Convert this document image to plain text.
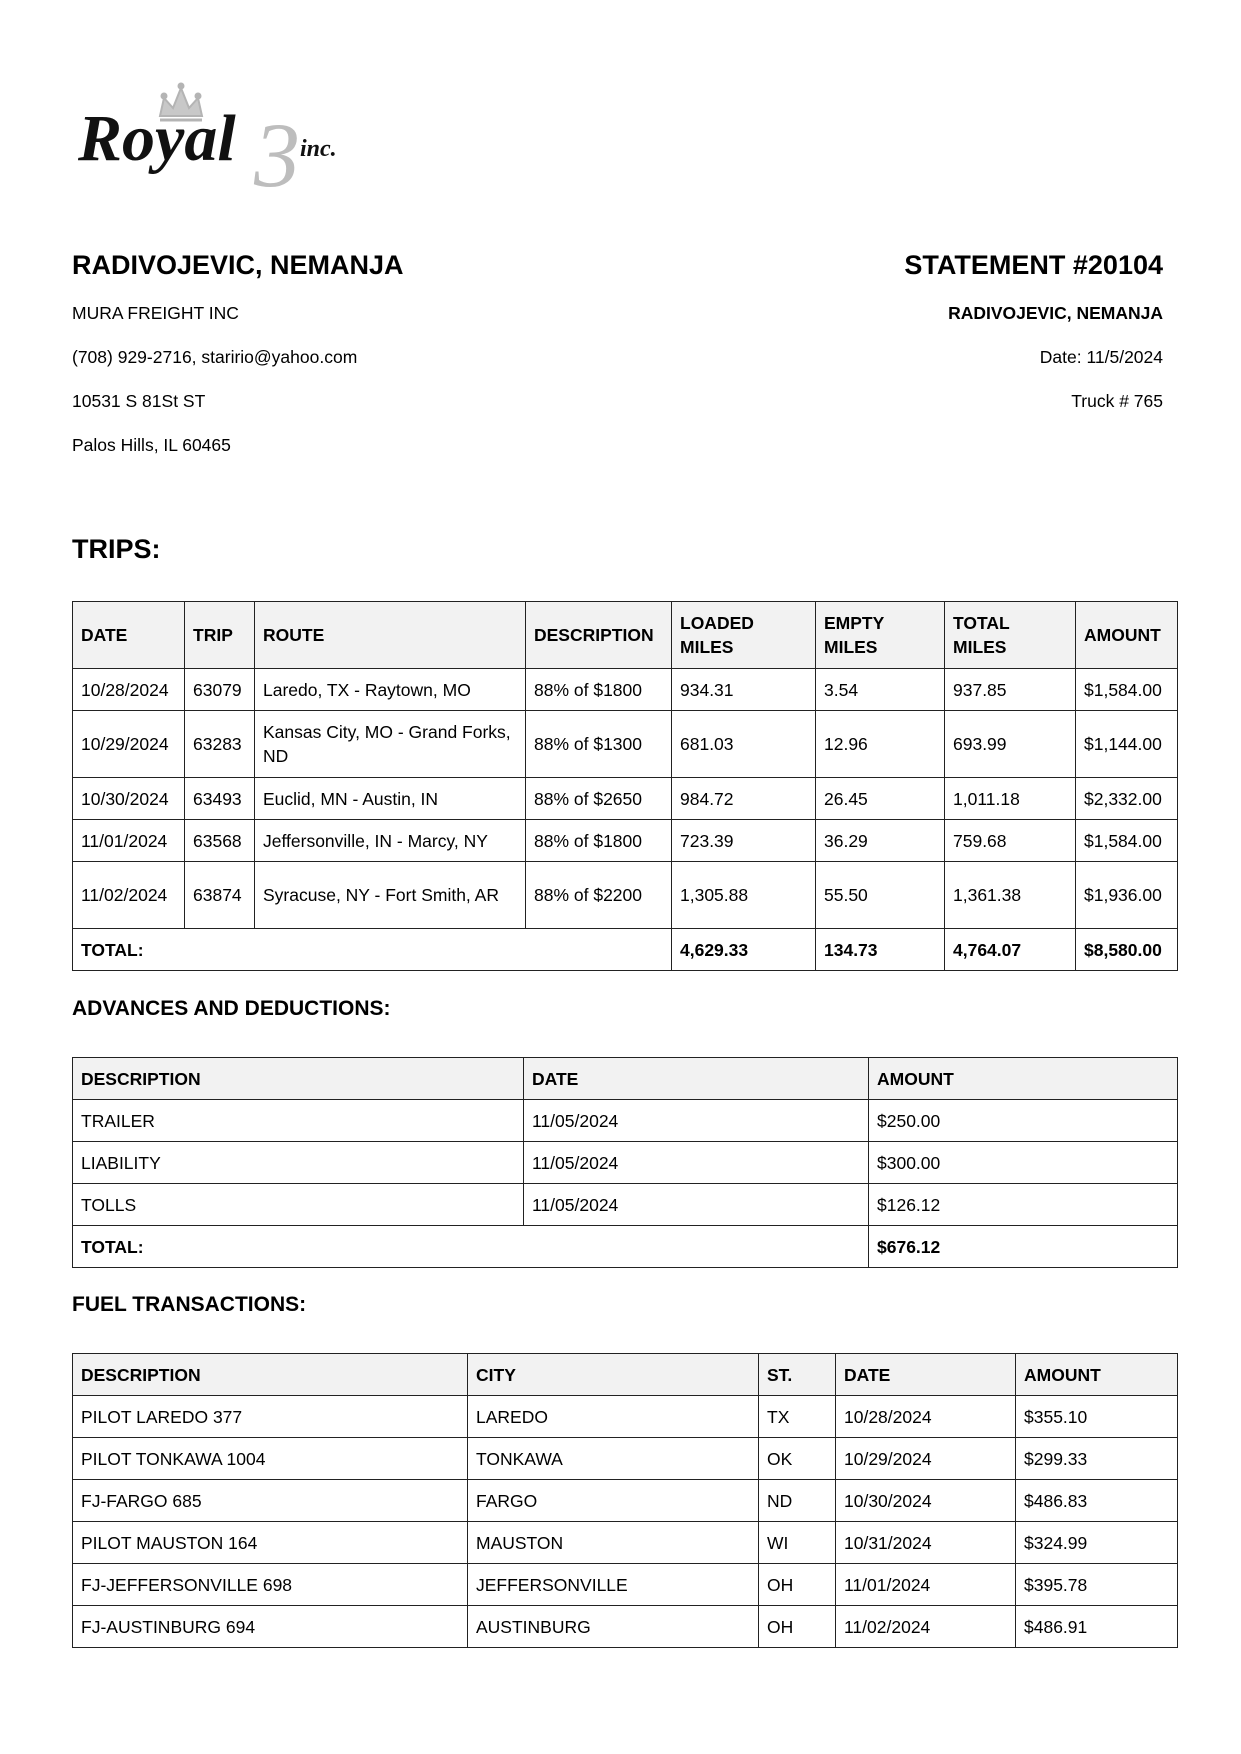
3
Royal	inc.

RADIVOJEVIC, NEMANJA

MURA FREIGHT INC

(708) 929-2716, staririo@yahoo.com

10531 S 81St ST

Palos Hills, IL 60465

STATEMENT #20104

RADIVOJEVIC, NEMANJA

Date: 11/5/2024

Truck # 765

TRIPS:

DATE	TRIP	ROUTE	DESCRIPTION	LOADED MILES	EMPTY MILES	TOTAL MILES	AMOUNT
10/28/2024	63079	Laredo, TX - Raytown, MO	88% of $1800	934.31	3.54	937.85	$1,584.00
10/29/2024	63283	Kansas City, MO - Grand Forks, ND	88% of $1300	681.03	12.96	693.99	$1,144.00
10/30/2024	63493	Euclid, MN - Austin, IN	88% of $2650	984.72	26.45	1,011.18	$2,332.00
11/01/2024	63568	Jeffersonville, IN - Marcy, NY	88% of $1800	723.39	36.29	759.68	$1,584.00
11/02/2024	63874	Syracuse, NY - Fort Smith, AR	88% of $2200	1,305.88	55.50	1,361.38	$1,936.00
TOTAL:				4,629.33	134.73	4,764.07	$8,580.00

ADVANCES AND DEDUCTIONS:

DESCRIPTION	DATE	AMOUNT
TRAILER	11/05/2024	$250.00
LIABILITY	11/05/2024	$300.00
TOLLS	11/05/2024	$126.12
TOTAL:		$676.12

FUEL TRANSACTIONS:

DESCRIPTION	CITY	ST.	DATE	AMOUNT
PILOT LAREDO 377	LAREDO	TX	10/28/2024	$355.10
PILOT TONKAWA 1004	TONKAWA	OK	10/29/2024	$299.33
FJ-FARGO 685	FARGO	ND	10/30/2024	$486.83
PILOT MAUSTON 164	MAUSTON	WI	10/31/2024	$324.99
FJ-JEFFERSONVILLE 698	JEFFERSONVILLE	OH	11/01/2024	$395.78
FJ-AUSTINBURG 694	AUSTINBURG	OH	11/02/2024	$486.91
